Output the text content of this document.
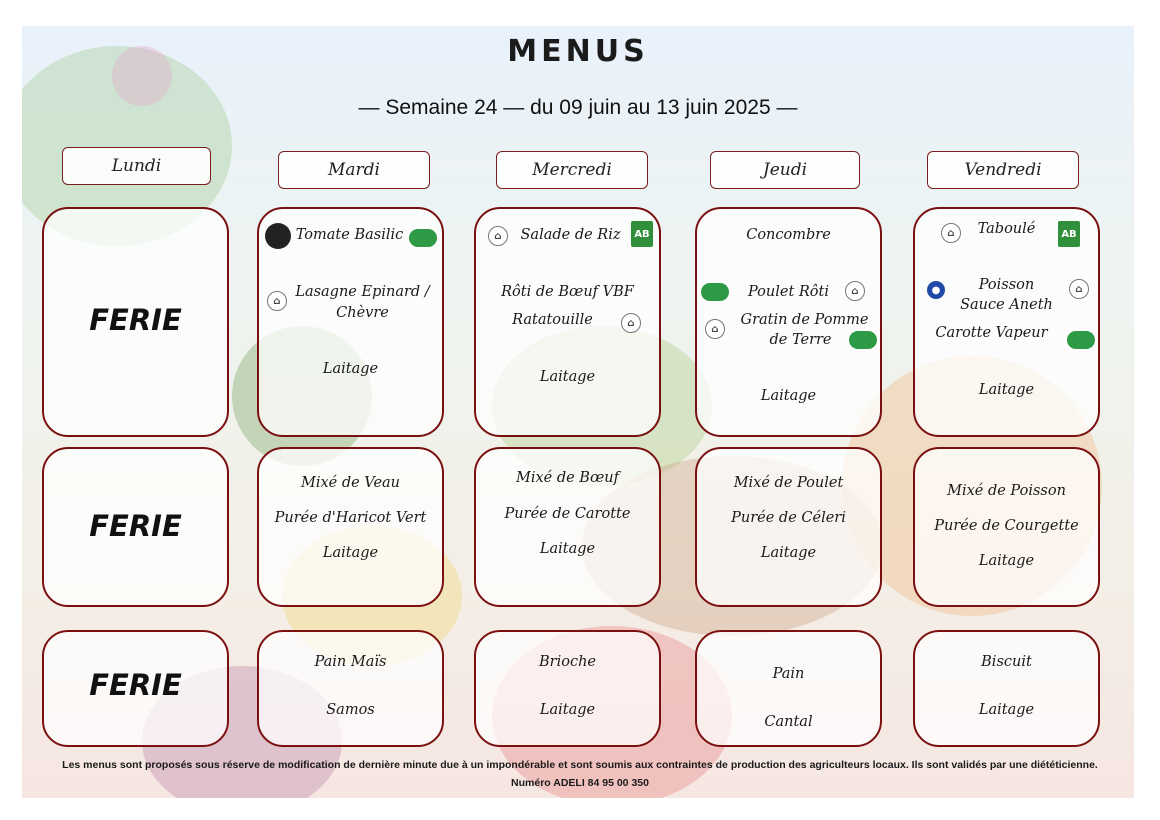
MENUS
— Semaine 24 — du 09 juin au 13 juin 2025 —
Lundi	Mardi	Mercredi	Jeudi	Vendredi
FERIE
Tomate Basilic
⌂
Lasagne Epinard /
Chèvre
Laitage
⌂	Salade de Riz	AB
Rôti de Bœuf VBF
Ratatouille	⌂
Laitage
Concombre
Poulet Rôti	⌂
⌂
Gratin de Pomme
de Terre
Laitage
⌂	Taboulé	AB
●	Poisson
Sauce Aneth
⌂
Carotte Vapeur
Laitage
FERIE
Mixé de Veau
Purée d'Haricot Vert
Laitage
Mixé de Bœuf
Purée de Carotte
Laitage
Mixé de Poulet
Purée de Céleri
Laitage
Mixé de Poisson
Purée de Courgette
Laitage
FERIE
Pain Maïs
Samos
Brioche
Laitage
Pain
Cantal
Biscuit
Laitage
Les menus sont proposés sous réserve de modification de dernière minute due à un impondérable et sont soumis aux contraintes de production des agriculteurs locaux. Ils sont validés par une diététicienne.
Numéro ADELI 84 95 00 350
